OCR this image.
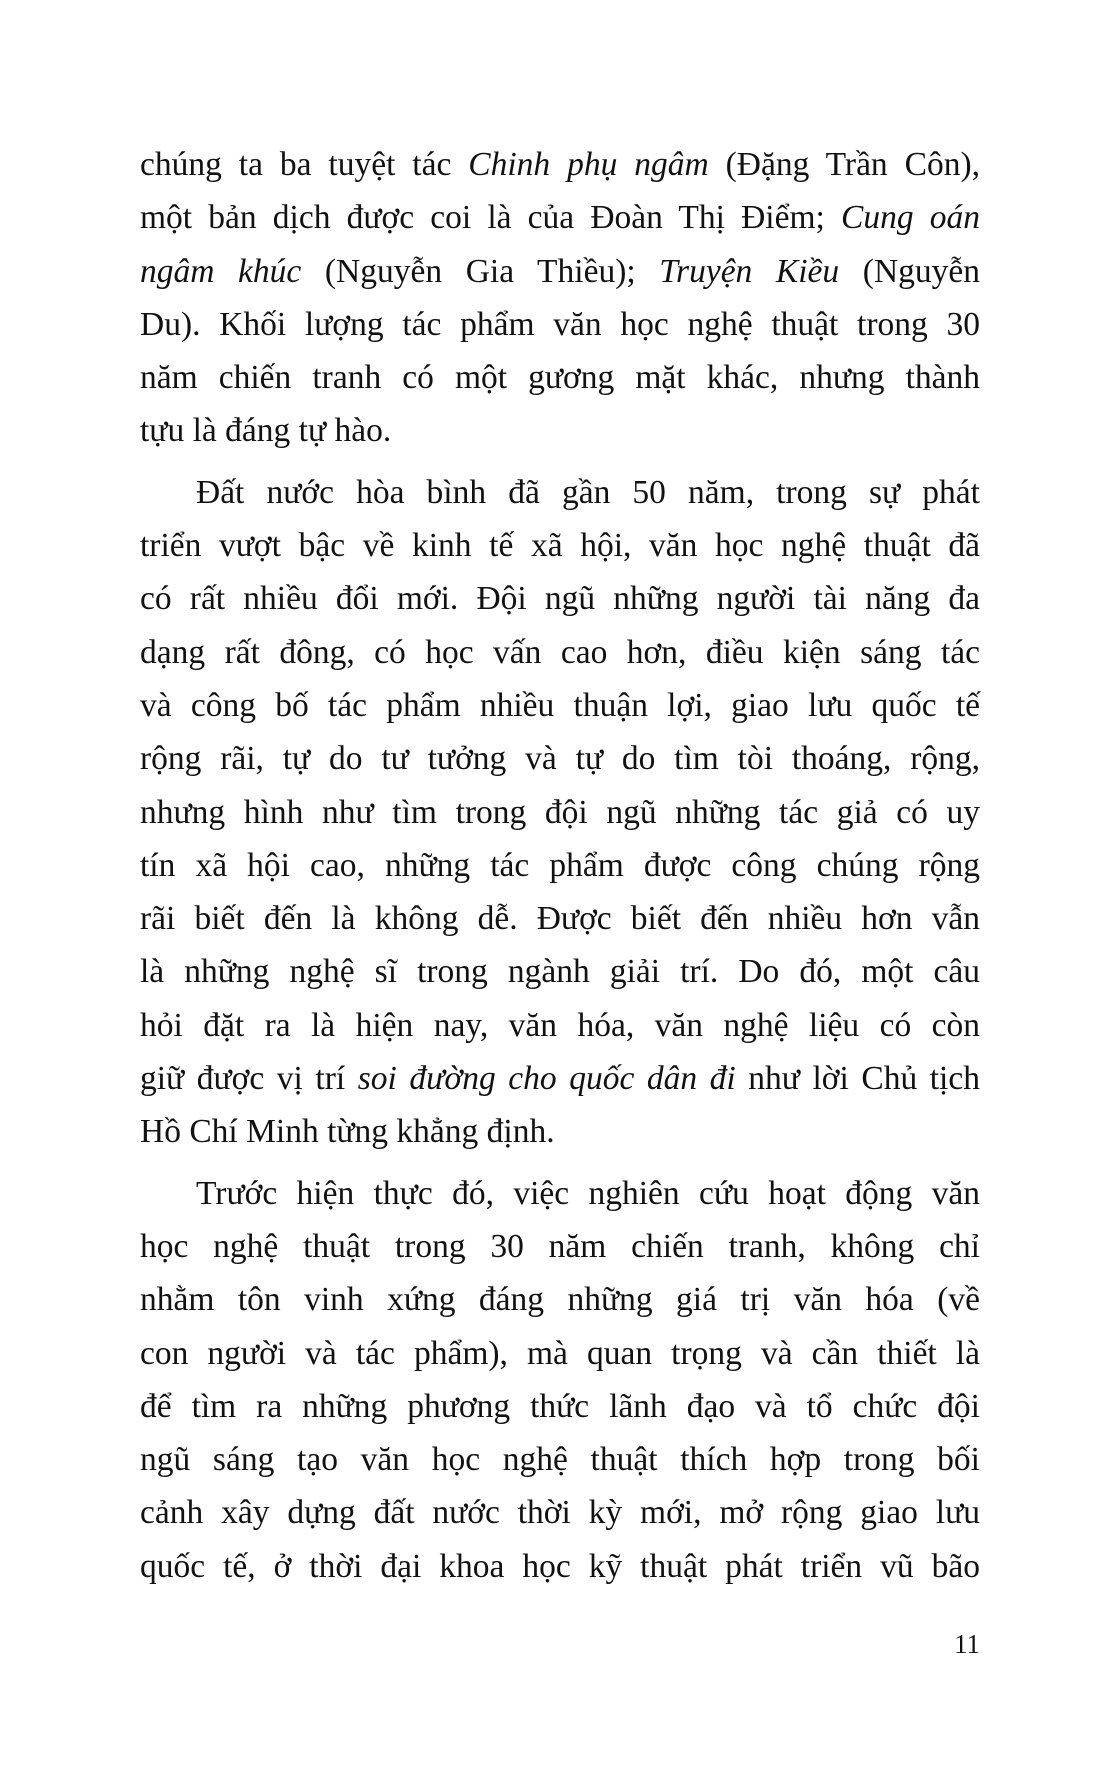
chúng ta ba tuyệt tác Chinh phụ ngâm (Đặng Trần Côn),
một bản dịch được coi là của Đoàn Thị Điểm; Cung oán
ngâm khúc (Nguyễn Gia Thiều); Truyện Kiều (Nguyễn
Du). Khối lượng tác phẩm văn học nghệ thuật trong 30
năm chiến tranh có một gương mặt khác, nhưng thành
tựu là đáng tự hào.

Đất nước hòa bình đã gần 50 năm, trong sự phát
triển vượt bậc về kinh tế xã hội, văn học nghệ thuật đã
có rất nhiều đổi mới. Đội ngũ những người tài năng đa
dạng rất đông, có học vấn cao hơn, điều kiện sáng tác
và công bố tác phẩm nhiều thuận lợi, giao lưu quốc tế
rộng rãi, tự do tư tưởng và tự do tìm tòi thoáng, rộng,
nhưng hình như tìm trong đội ngũ những tác giả có uy
tín xã hội cao, những tác phẩm được công chúng rộng
rãi biết đến là không dễ. Được biết đến nhiều hơn vẫn
là những nghệ sĩ trong ngành giải trí. Do đó, một câu
hỏi đặt ra là hiện nay, văn hóa, văn nghệ liệu có còn
giữ được vị trí soi đường cho quốc dân đi như lời Chủ tịch
Hồ Chí Minh từng khẳng định.

Trước hiện thực đó, việc nghiên cứu hoạt động văn
học nghệ thuật trong 30 năm chiến tranh, không chỉ
nhằm tôn vinh xứng đáng những giá trị văn hóa (về
con người và tác phẩm), mà quan trọng và cần thiết là
để tìm ra những phương thức lãnh đạo và tổ chức đội
ngũ sáng tạo văn học nghệ thuật thích hợp trong bối
cảnh xây dựng đất nước thời kỳ mới, mở rộng giao lưu
quốc tế, ở thời đại khoa học kỹ thuật phát triển vũ bão

11
